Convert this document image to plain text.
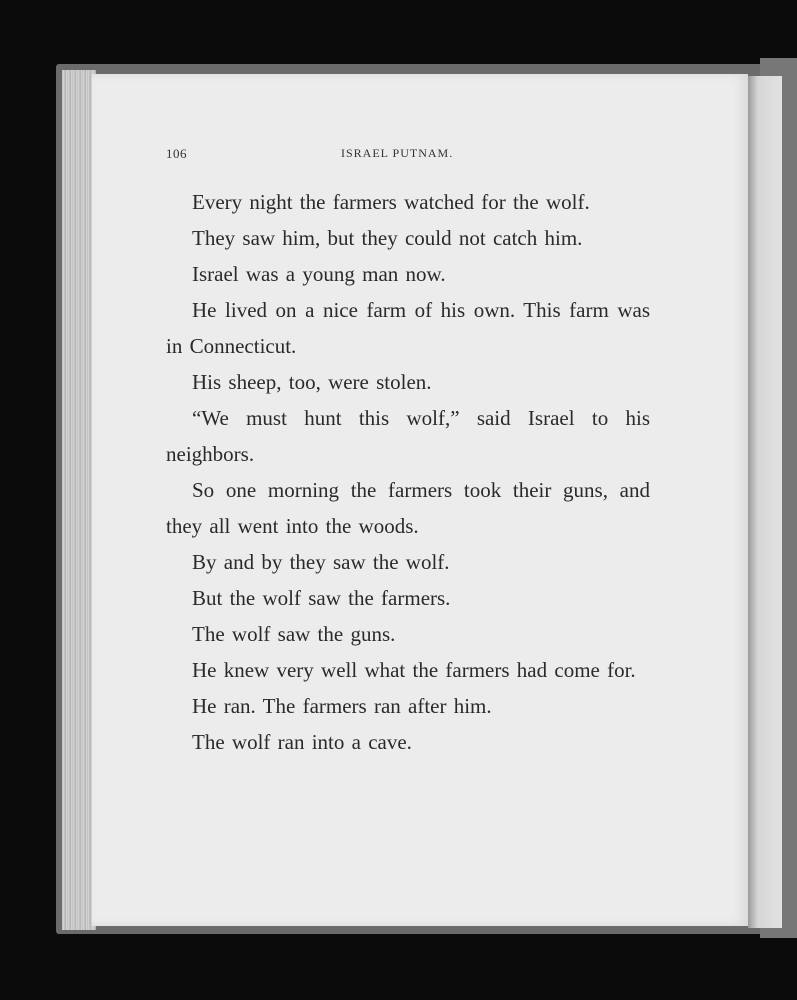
106	ISRAEL PUTNAM.

Every night the farmers watched for the wolf.

They saw him, but they could not catch him.

Israel was a young man now.

He lived on a nice farm of his own. This farm was in Connecticut.

His sheep, too, were stolen.

“We must hunt this wolf,” said Israel to his neighbors.

So one morning the farmers took their guns, and they all went into the woods.

By and by they saw the wolf.

But the wolf saw the farmers.

The wolf saw the guns.

He knew very well what the farmers had come for.

He ran. The farmers ran after him.

The wolf ran into a cave.
